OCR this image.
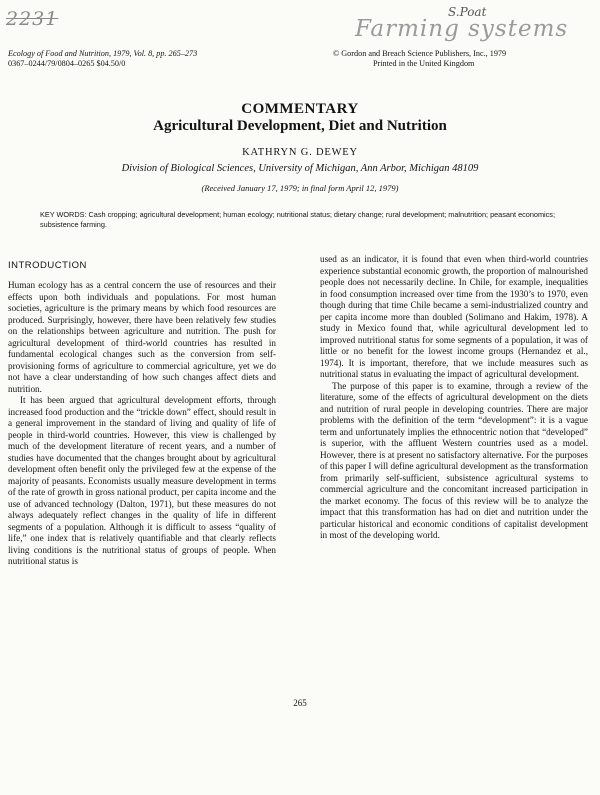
2231	S.Poat
Farming systems
Ecology of Food and Nutrition, 1979, Vol. 8, pp. 265–273
0367–0244/79/0804–0265 $04.50/0
© Gordon and Breach Science Publishers, Inc., 1979
Printed in the United Kingdom
COMMENTARY
Agricultural Development, Diet and Nutrition
KATHRYN G. DEWEY
Division of Biological Sciences, University of Michigan, Ann Arbor, Michigan 48109
(Received January 17, 1979; in final form April 12, 1979)
KEY WORDS: Cash cropping; agricultural development; human ecology; nutritional status; dietary change; rural development; malnutrition; peasant economics; subsistence farming.
INTRODUCTION

Human ecology has as a central concern the use of resources and their effects upon both individuals and populations. For most human societies, agriculture is the primary means by which food resources are produced. Surprisingly, however, there have been relatively few studies on the relationships between agriculture and nutrition. The push for agricultural development of third-world countries has resulted in fundamental ecological changes such as the conversion from self-provisioning forms of agriculture to commercial agriculture, yet we do not have a clear understanding of how such changes affect diets and nutrition.

It has been argued that agricultural development efforts, through increased food production and the “trickle down” effect, should result in a general improvement in the standard of living and quality of life of people in third-world countries. However, this view is challenged by much of the development literature of recent years, and a number of studies have documented that the changes brought about by agricultural development often benefit only the privileged few at the expense of the majority of peasants. Economists usually measure development in terms of the rate of growth in gross national product, per capita income and the use of advanced technology (Dalton, 1971), but these measures do not always adequately reflect changes in the quality of life in different segments of a population. Although it is difficult to assess “quality of life,” one index that is relatively quantifiable and that clearly reflects living conditions is the nutritional status of groups of people. When nutritional status is

used as an indicator, it is found that even when third-world countries experience substantial economic growth, the proportion of malnourished people does not necessarily decline. In Chile, for example, inequalities in food consumption increased over time from the 1930’s to 1970, even though during that time Chile became a semi-industrialized country and per capita income more than doubled (Solimano and Hakim, 1978). A study in Mexico found that, while agricultural development led to improved nutritional status for some segments of a population, it was of little or no benefit for the lowest income groups (Hernandez et al., 1974). It is important, therefore, that we include measures such as nutritional status in evaluating the impact of agricultural development.

The purpose of this paper is to examine, through a review of the literature, some of the effects of agricultural development on the diets and nutrition of rural people in developing countries. There are major problems with the definition of the term “development”: it is a vague term and unfortunately implies the ethnocentric notion that “developed” is superior, with the affluent Western countries used as a model. However, there is at present no satisfactory alternative. For the purposes of this paper I will define agricultural development as the transformation from primarily self-sufficient, subsistence agricultural systems to commercial agriculture and the concomitant increased participation in the market economy. The focus of this review will be to analyze the impact that this transformation has had on diet and nutrition under the particular historical and economic conditions of capitalist development in most of the developing world.

265
